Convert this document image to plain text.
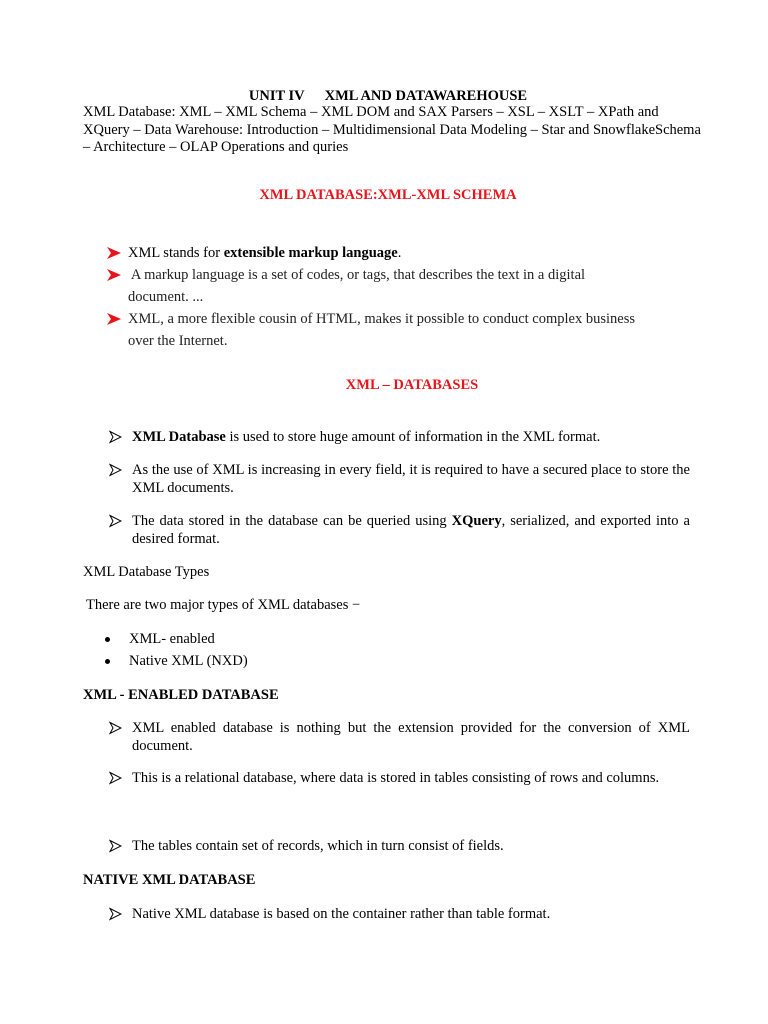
UNIT IV XML AND DATAWAREHOUSE
XML Database: XML – XML Schema – XML DOM and SAX Parsers – XSL – XSLT – XPath and XQuery – Data Warehouse: Introduction – Multidimensional Data Modeling – Star and SnowflakeSchema – Architecture – OLAP Operations and quries
XML DATABASE:XML-XML SCHEMA
XML stands for extensible markup language.
A markup language is a set of codes, or tags, that describes the text in a digital
document. ...
XML, a more flexible cousin of HTML, makes it possible to conduct complex business
over the Internet.
XML – DATABASES
XML Database is used to store huge amount of information in the XML format.
As the use of XML is increasing in every field, it is required to have a secured place to store the XML documents.
The data stored in the database can be queried using XQuery, serialized, and exported into a desired format.
XML Database Types
There are two major types of XML databases −
XML- enabled
Native XML (NXD)
XML - ENABLED DATABASE
XML enabled database is nothing but the extension provided for the conversion of XML document.
This is a relational database, where data is stored in tables consisting of rows and columns.
The tables contain set of records, which in turn consist of fields.
NATIVE XML DATABASE
Native XML database is based on the container rather than table format.
